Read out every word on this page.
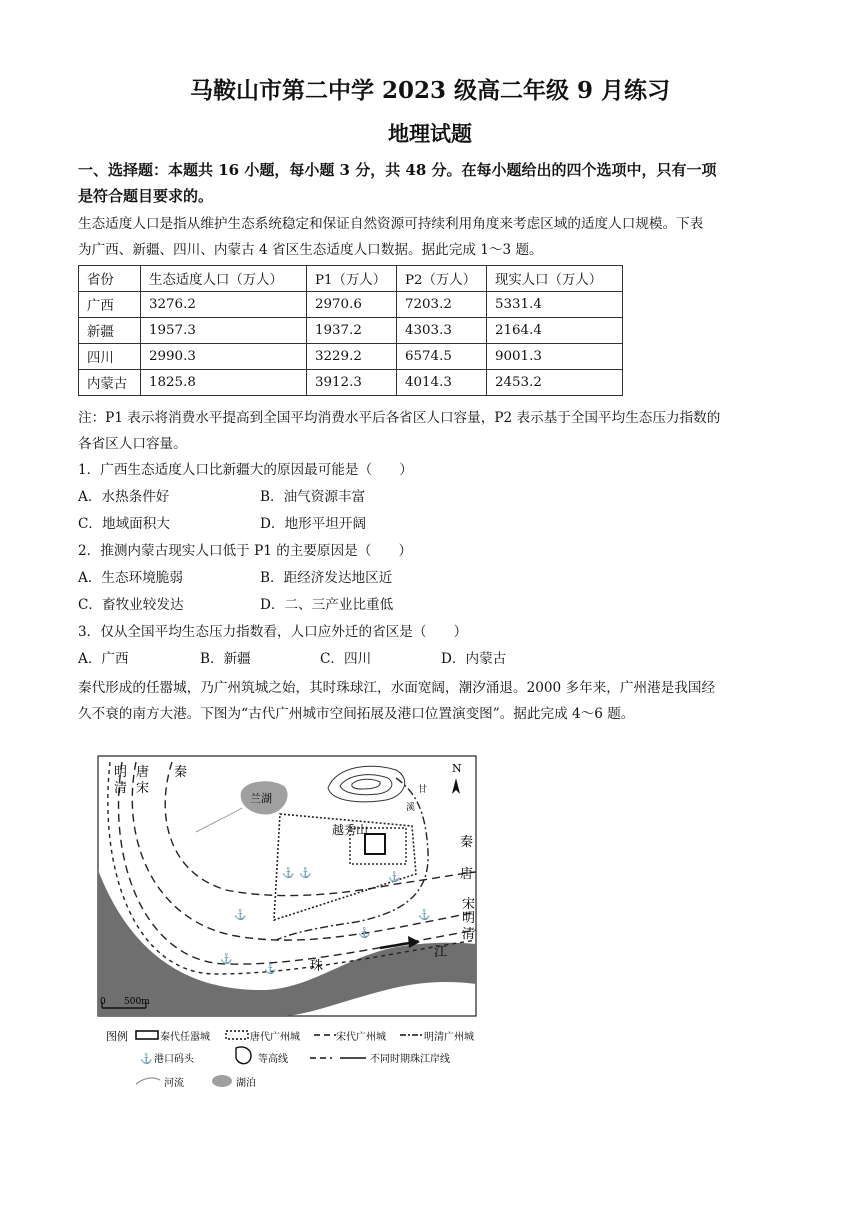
马鞍山市第二中学 2023 级高二年级 9 月练习
地理试题
一、选择题：本题共 16 小题，每小题 3 分，共 48 分。在每小题给出的四个选项中，只有一项
是符合题目要求的。
生态适度人口是指从维护生态系统稳定和保证自然资源可持续利用角度来考虑区域的适度人口规模。下表
为广西、新疆、四川、内蒙古 4 省区生态适度人口数据。据此完成 1～3 题。
省份	生态适度人口（万人）	P1（万人）	P2（万人）	现实人口（万人）
广西	3276.2	2970.6	7203.2	5331.4
新疆	1957.3	1937.2	4303.3	2164.4
四川	2990.3	3229.2	6574.5	9001.3
内蒙古	1825.8	3912.3	4014.3	2453.2
注：P1 表示将消费水平提高到全国平均消费水平后各省区人口容量，P2 表示基于全国平均生态压力指数的
各省区人口容量。
1．广西生态适度人口比新疆大的原因最可能是（　　）
A．水热条件好	B．油气资源丰富
C．地域面积大	D．地形平坦开阔
2．推测内蒙古现实人口低于 P1 的主要原因是（　　）
A．生态环境脆弱	B．距经济发达地区近
C．畜牧业较发达	D．二、三产业比重低
3．仅从全国平均生态压力指数看，人口应外迁的省区是（　　）
A．广西	B．新疆	C．四川	D．内蒙古
秦代形成的任嚣城，乃广州筑城之始，其时珠球江，水面宽阔，潮汐涌退。2000 多年来，广州港是我国经
久不衰的南方大港。下图为“古代广州城市空间拓展及港口位置演变图”。据此完成 4～6 题。
⚓ ⚓
⚓
⚓
⚓
⚓
⚓
⚓
明
清
唐
宋
秦
兰湖
越秀山
N
溪
甘
秦
唐
宋
明
清
珠
江
0 500m
图例	秦代任嚣城	唐代广州城	宋代广州城	明清广州城
⚓ 港口码头	等高线	不同时期珠江岸线
河流	湖泊
